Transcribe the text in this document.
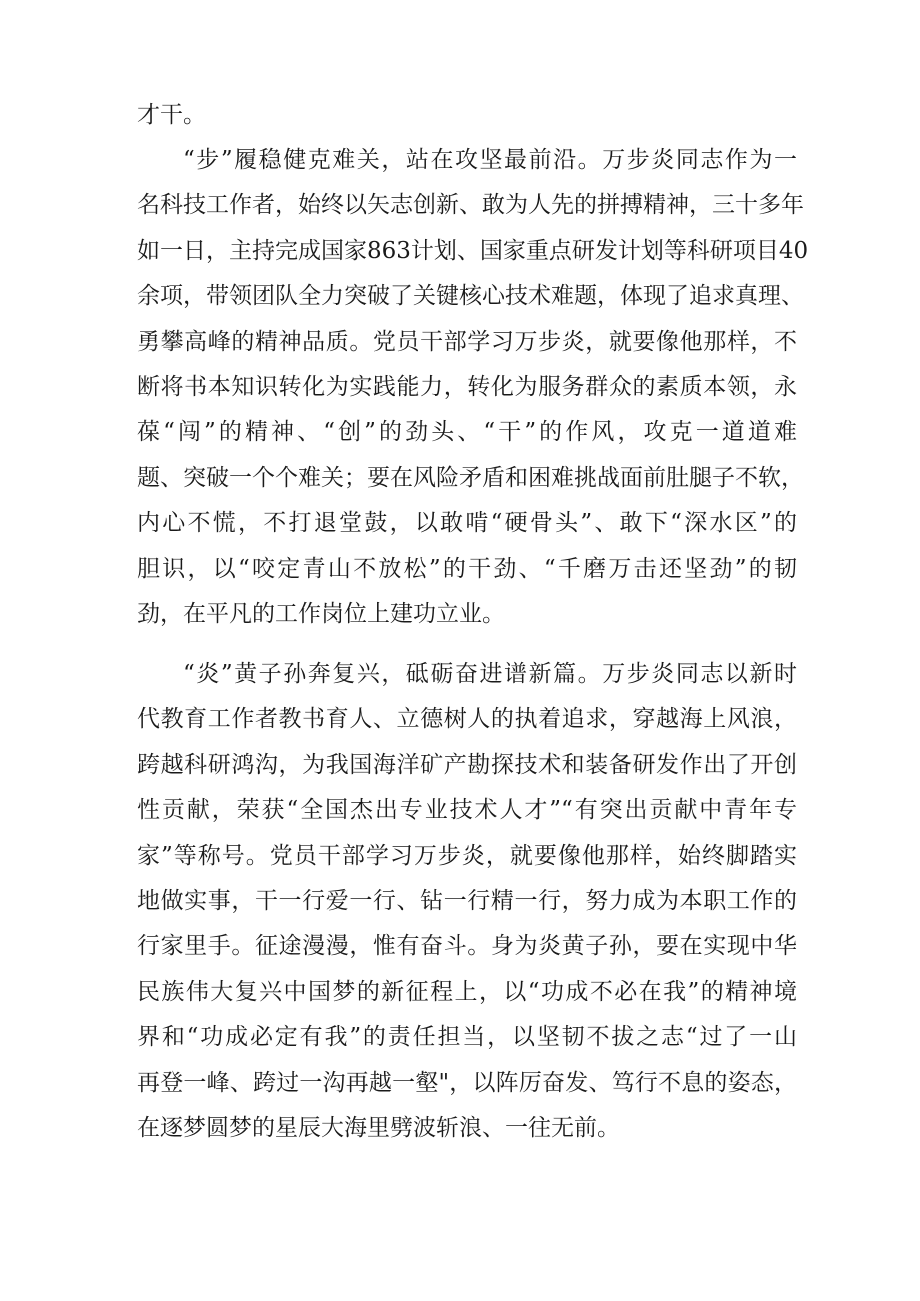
才干。
“步”履稳健克难关，站在攻坚最前沿。万步炎同志作为一
名科技工作者，始终以矢志创新、敢为人先的拼搏精神，三十多年
如一日，主持完成国家863计划、国家重点研发计划等科研项目40
余项，带领团队全力突破了关键核心技术难题，体现了追求真理、
勇攀高峰的精神品质。党员干部学习万步炎，就要像他那样，不
断将书本知识转化为实践能力，转化为服务群众的素质本领，永
葆“闯”的精神、“创”的劲头、“干”的作风，攻克一道道难
题、突破一个个难关；要在风险矛盾和困难挑战面前肚腿子不软，
内心不慌，不打退堂鼓，以敢啃“硬骨头”、敢下“深水区”的
胆识，以“咬定青山不放松”的干劲、“千磨万击还坚劲”的韧
劲，在平凡的工作岗位上建功立业。
“炎”黄子孙奔复兴，砥砺奋进谱新篇。万步炎同志以新时
代教育工作者教书育人、立德树人的执着追求，穿越海上风浪，
跨越科研鸿沟，为我国海洋矿产勘探技术和装备研发作出了开创
性贡献，荣获“全国杰出专业技术人才”“有突出贡献中青年专
家”等称号。党员干部学习万步炎，就要像他那样，始终脚踏实
地做实事，干一行爱一行、钻一行精一行，努力成为本职工作的
行家里手。征途漫漫，惟有奋斗。身为炎黄子孙，要在实现中华
民族伟大复兴中国梦的新征程上，以“功成不必在我”的精神境
界和“功成必定有我”的责任担当，以坚韧不拔之志“过了一山
再登一峰、跨过一沟再越一壑"，以阵厉奋发、笃行不息的姿态，
在逐梦圆梦的星辰大海里劈波斩浪、一往无前。
